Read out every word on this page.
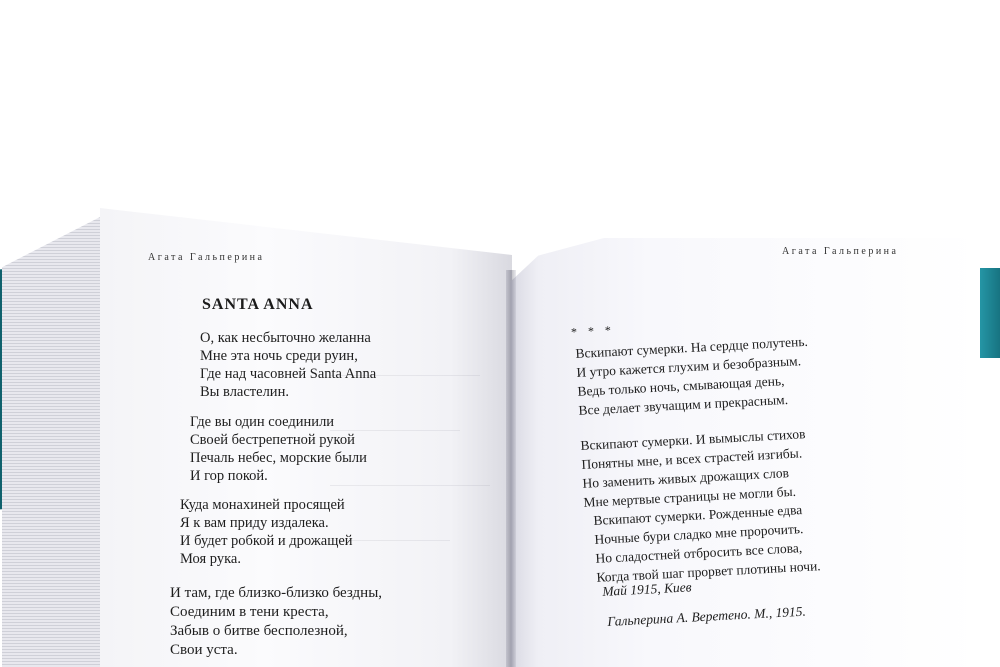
Агата Гальперина
SANTA ANNA
О, как несбыточно желанна
Мне эта ночь среди руин,
Где над часовней Santa Anna
Вы властелин.
Где вы один соединили
Своей бестрепетной рукой
Печаль небес, морские были
И гор покой.
Куда монахиней просящей
Я к вам приду издалека.
И будет робкой и дрожащей
Моя рука.
И там, где близко-близко бездны,
Соединим в тени креста,
Забыв о битве бесполезной,
Свои уста.
Агата Гальперина
* * *
Вскипают сумерки. На сердце полутень.
И утро кажется глухим и безобразным.
Ведь только ночь, смывающая день,
Все делает звучащим и прекрасным.
Вскипают сумерки. И вымыслы стихов
Понятны мне, и всех страстей изгибы.
Но заменить живых дрожащих слов
Мне мертвые страницы не могли бы.
Вскипают сумерки. Рожденные едва
Ночные бури сладко мне пророчить.
Но сладостней отбросить все слова,
Когда твой шаг прорвет плотины ночи.
Май 1915, Киев
Гальперина А. Веретено. М., 1915.
